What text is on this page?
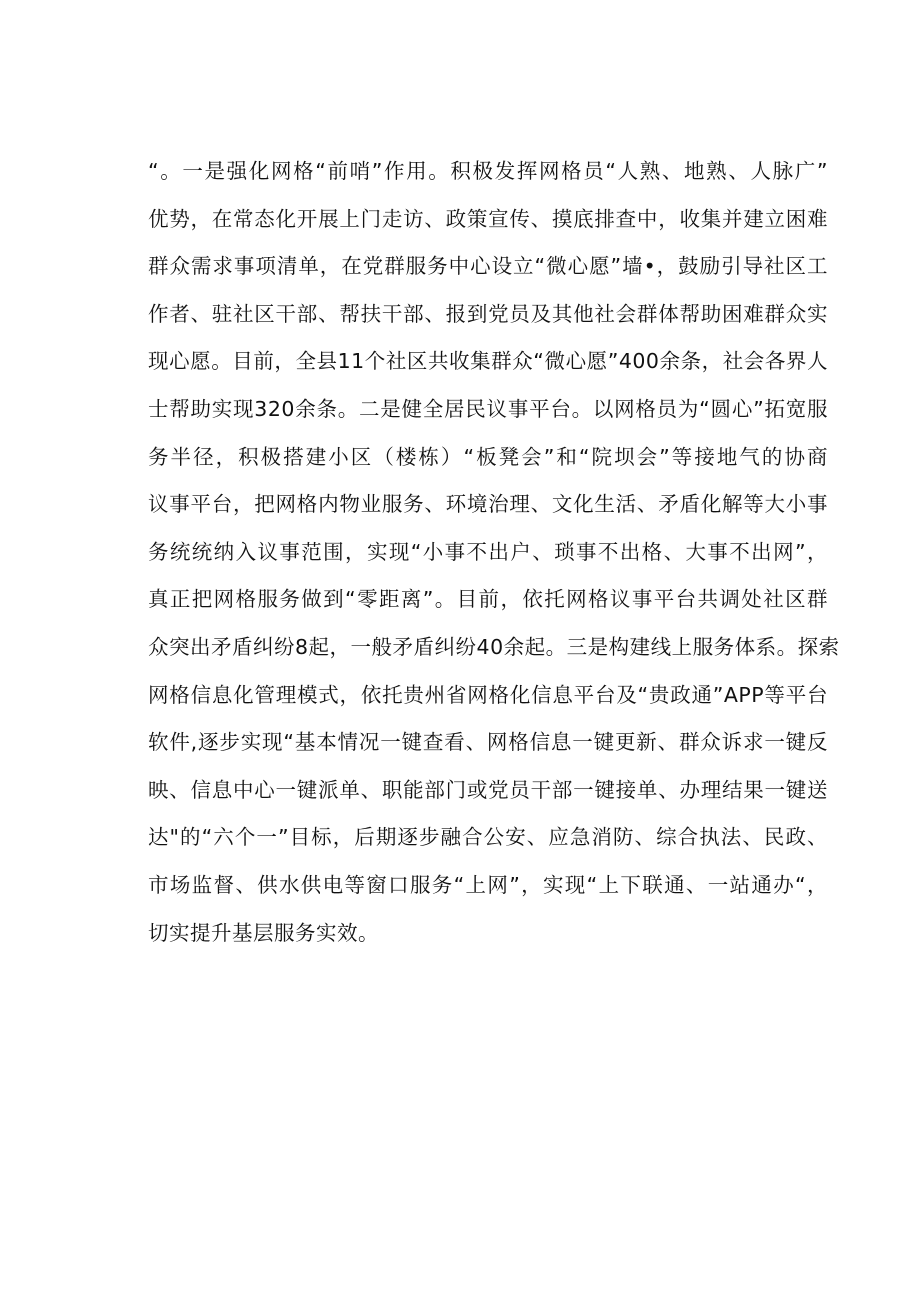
“。一是强化网格“前哨”作用。积极发挥网格员“人熟、地熟、人脉广”
优势，在常态化开展上门走访、政策宣传、摸底排查中，收集并建立困难
群众需求事项清单，在党群服务中心设立“微心愿”墙•，鼓励引导社区工
作者、驻社区干部、帮扶干部、报到党员及其他社会群体帮助困难群众实
现心愿。目前，全县11个社区共收集群众“微心愿”400余条，社会各界人
士帮助实现320余条。二是健全居民议事平台。以网格员为“圆心”拓宽服
务半径，积极搭建小区（楼栋）“板凳会”和“院坝会”等接地气的协商
议事平台，把网格内物业服务、环境治理、文化生活、矛盾化解等大小事
务统统纳入议事范围，实现“小事不出户、琐事不出格、大事不出网”，
真正把网格服务做到“零距离”。目前，依托网格议事平台共调处社区群
众突出矛盾纠纷8起，一般矛盾纠纷40余起。三是构建线上服务体系。探索
网格信息化管理模式，依托贵州省网格化信息平台及“贵政通”APP等平台
软件,逐步实现“基本情况一键查看、网格信息一键更新、群众诉求一键反
映、信息中心一键派单、职能部门或党员干部一键接单、办理结果一键送
达"的“六个一”目标，后期逐步融合公安、应急消防、综合执法、民政、
市场监督、供水供电等窗口服务“上网”，实现“上下联通、一站通办“，
切实提升基层服务实效。
